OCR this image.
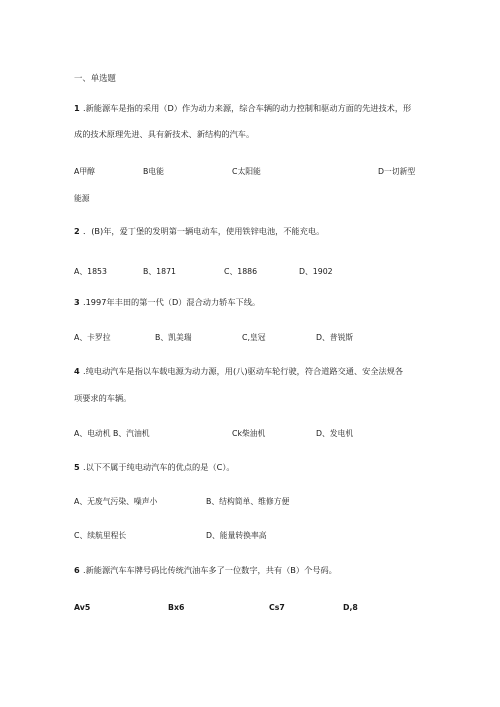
一、单选题
1 .新能源车是指的采用（D）作为动力来源，综合车辆的动力控制和驱动方面的先进技术，形
成的技术原理先进、具有新技术、新结构的汽车。
A甲醇	B电能	C太阳能	D一切新型
能源
2 ．(B)年，爱丁堡的发明第一辆电动车，使用铁锌电池，不能充电。
A、1853	B、1871	C、1886	D、1902
3 .1997年丰田的第一代（D）混合动力轿车下线。
A、卡罗拉	B、凯美瑞	C,皇冠	D、普锐斯
4 .纯电动汽车是指以车载电源为动力源，用(八)驱动车轮行驶，符合道路交通、安全法规各
项要求的车辆。
A、电动机 B、汽油机	Ck柴油机	D、发电机
5 .以下不属于纯电动汽车的优点的是（C）。
A、无废气污染、噪声小	B、结构简单、维修方便
C、续航里程长	D、能量转换率高
6 .新能源汽车车牌号码比传统汽油车多了一位数字，共有（B）个号码。
Av5	Bx6	Cs7	D,8
